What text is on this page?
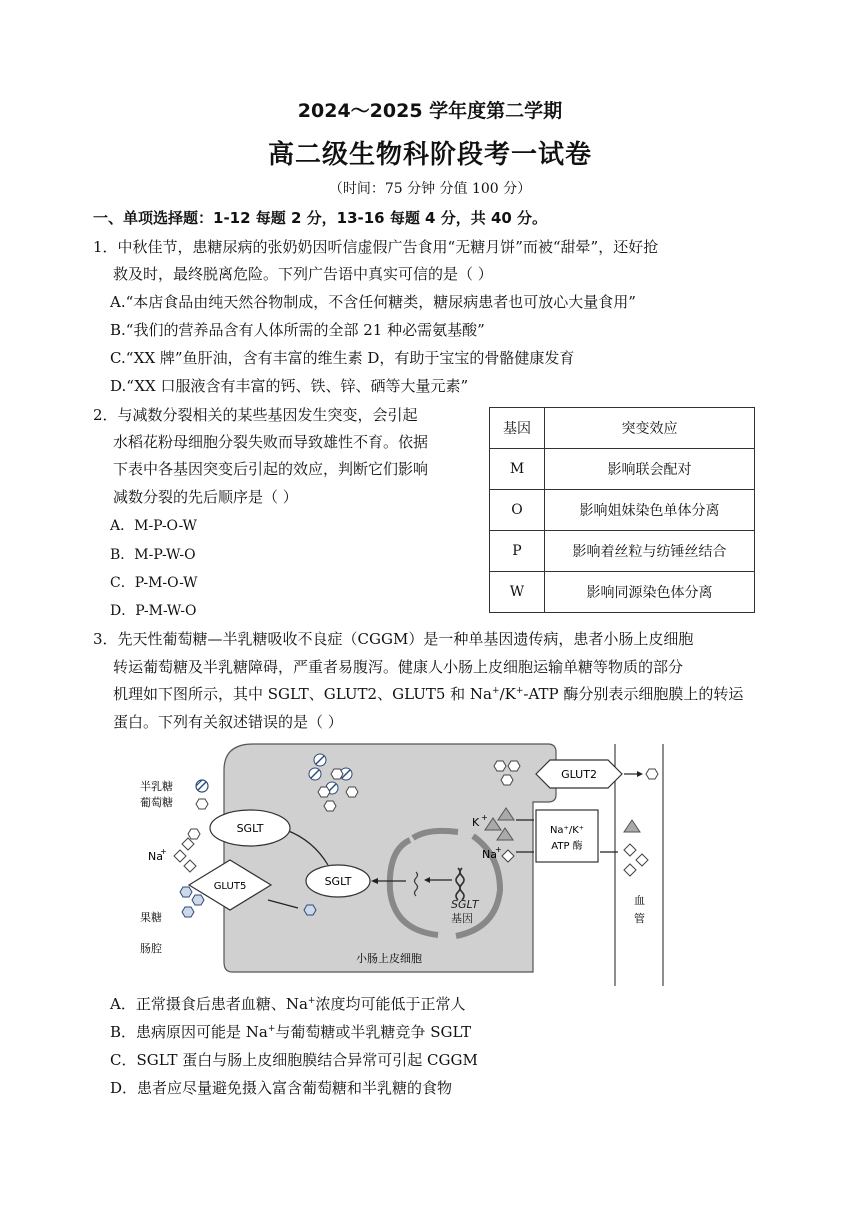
2024～2025 学年度第二学期
高二级生物科阶段考一试卷
（时间：75 分钟 分值 100 分）
一、单项选择题：1-12 每题 2 分，13-16 每题 4 分，共 40 分。
1．中秋佳节，患糖尿病的张奶奶因听信虚假广告食用“无糖月饼”而被“甜晕”，还好抢
救及时，最终脱离危险。下列广告语中真实可信的是（ ）
A.“本店食品由纯天然谷物制成，不含任何糖类，糖尿病患者也可放心大量食用”
B.“我们的营养品含有人体所需的全部 21 种必需氨基酸”
C.“XX 牌”鱼肝油，含有丰富的维生素 D，有助于宝宝的骨骼健康发育
D.“XX 口服液含有丰富的钙、铁、锌、硒等大量元素”
2．与减数分裂相关的某些基因发生突变，会引起
水稻花粉母细胞分裂失败而导致雄性不育。依据
下表中各基因突变后引起的效应，判断它们影响
减数分裂的先后顺序是（ ）
A．M-P-O-W
B．M-P-W-O
C．P-M-O-W
D．P-M-W-O
基因	突变效应
M	影响联会配对
O	影响姐妹染色单体分离
P	影响着丝粒与纺锤丝结合
W	影响同源染色体分离
3．先天性葡萄糖—半乳糖吸收不良症（CGGM）是一种单基因遗传病，患者小肠上皮细胞
转运葡萄糖及半乳糖障碍，严重者易腹泻。健康人小肠上皮细胞运输单糖等物质的部分
机理如下图所示，其中 SGLT、GLUT2、GLUT5 和 Na+/K+-ATP 酶分别表示细胞膜上的转运
蛋白。下列有关叙述错误的是（ ）
SGLT
基因
SGLT
SGLT
GLUT5
GLUT2
Na⁺/K⁺
ATP 酶
半乳糖
葡萄糖
Na
+
果糖
肠腔
小肠上皮细胞
K +
Na
+
血
管
A．正常摄食后患者血糖、Na+浓度均可能低于正常人
B．患病原因可能是 Na+与葡萄糖或半乳糖竞争 SGLT
C．SGLT 蛋白与肠上皮细胞膜结合异常可引起 CGGM
D．患者应尽量避免摄入富含葡萄糖和半乳糖的食物
